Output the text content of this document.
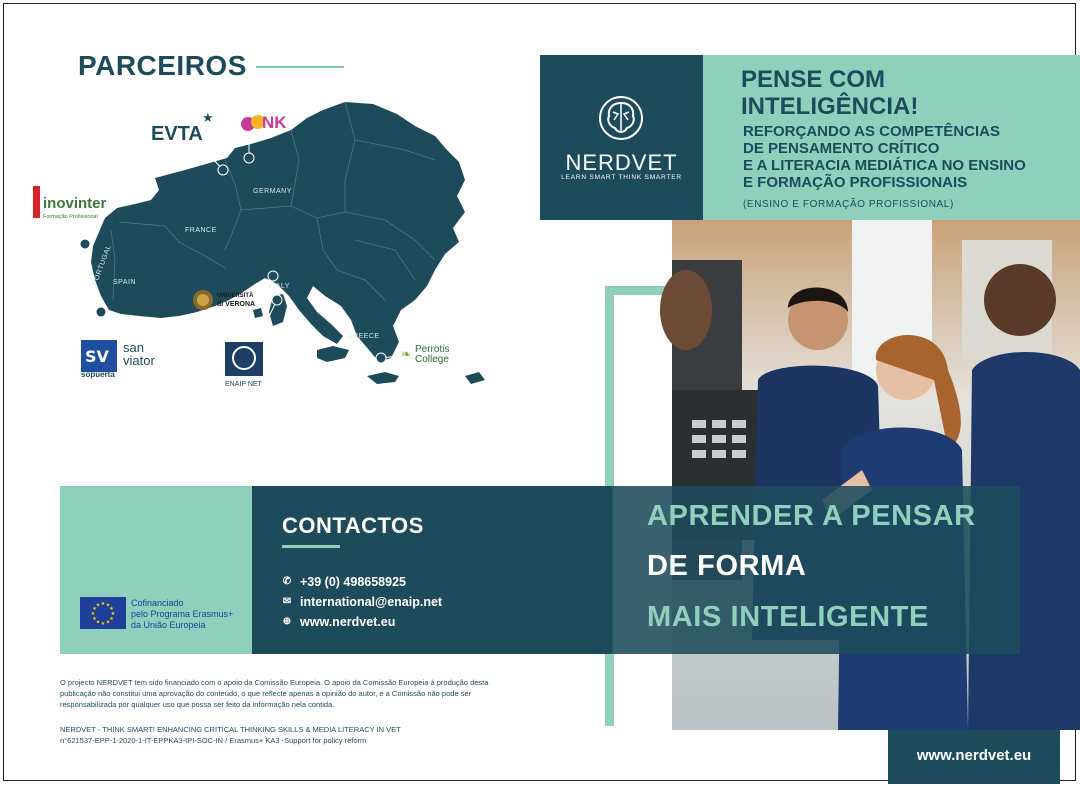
PARCEIROS
GERMANY
FRANCE
PORTUGAL SPAIN
ITALY
GREECE
EVTA
★	NK
inovinter
Formação Profissional
UNIVERSITÀ
di VERONA
❧ Perrotis
College
SV san
viator
sopuerta
ENAIP NET
NERDVET
LEARN SMART THINK SMARTER
PENSE COM
INTELIGÊNCIA!
REFORÇANDO AS COMPETÊNCIAS
DE PENSAMENTO CRÍTICO
E A LITERACIA MEDIÁTICA NO ENSINO
E FORMAÇÃO PROFISSIONAIS
(ENSINO E FORMAÇÃO PROFISSIONAL)
CONTACTOS
✆ +39 (0) 498658925
✉ international@enaip.net
⊕ www.nerdvet.eu
APRENDER A PENSAR
DE FORMA
MAIS INTELIGENTE
★ ★
★
★
★
★
★
★
★
★
★
★	Cofinanciado
pelo Programa Erasmus+
da União Europeia
O projecto NERDVET tem sido financiado com o apoio da Comissão Europeia. O apoio da Comissão Europeia à produção desta publicação não constitui uma aprovação do conteúdo, o que reflecte apenas a opinião do autor, e a Comissão não pode ser responsabilizada por qualquer uso que possa ser feito da informação nela contida.
NERDVET - THINK SMART! ENHANCING CRITICAL THINKING SKILLS & MEDIA LITERACY IN VET
n°621537-EPP-1-2020-1-IT-EPPKA3-IPI-SOC-IN / Erasmus+ KA3 -Support for policy reform
www.nerdvet.eu
